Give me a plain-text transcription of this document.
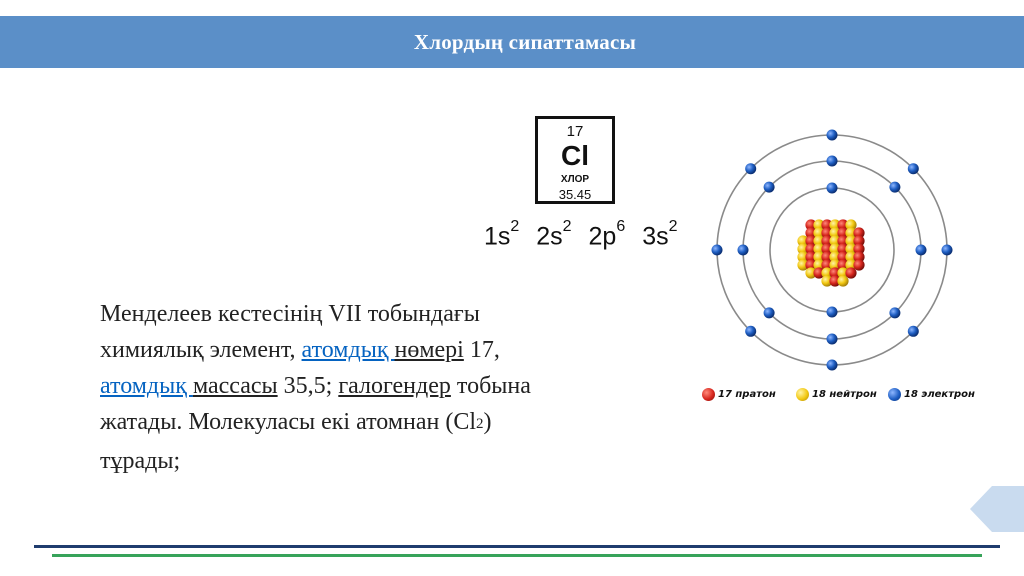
Хлордың сипаттамасы
17
Cl
ХЛОР
35.45
$1s^2$ $2s^2$ $2p^6$ $3s^2$
Менделеев кестесінің VII тобындағы
химиялық элемент, атомдық нөмері 17,
атомдық массасы 35,5; галогендер тобына
жатады. Молекуласы екі атомнан $(Cl_2)$
тұрады;
17 пратон	18 нейтрон	18 электрон
